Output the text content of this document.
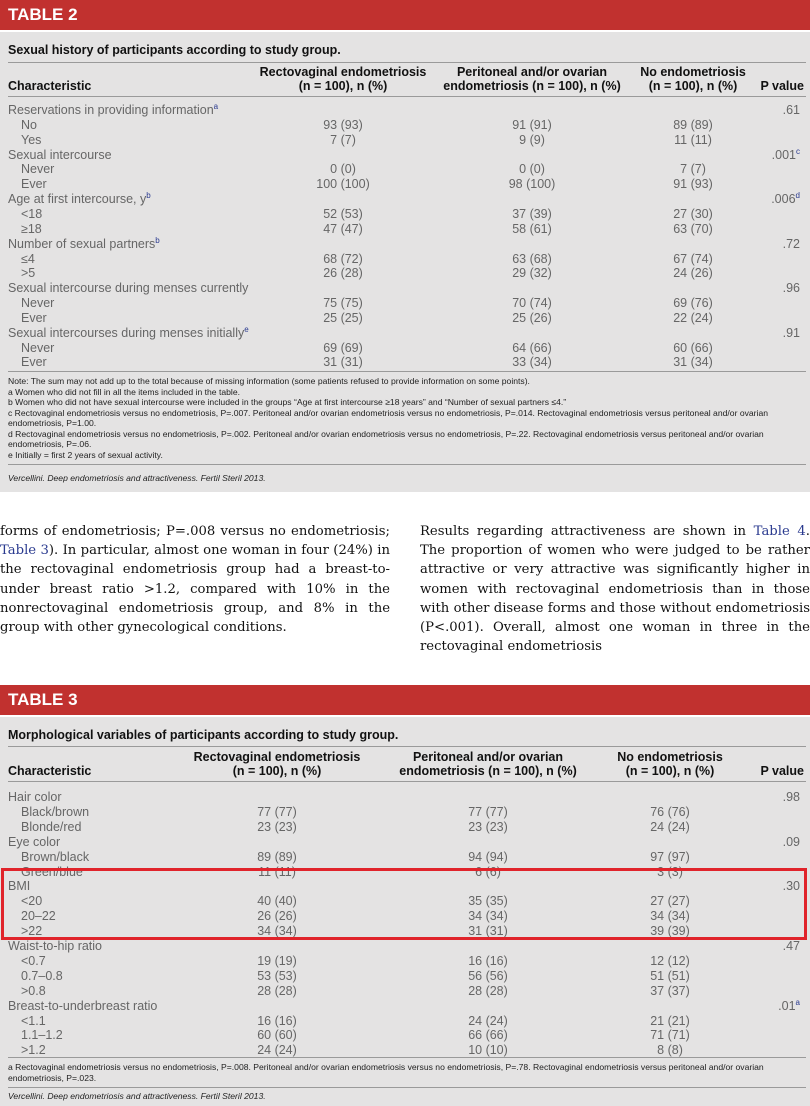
TABLE 2
Sexual history of participants according to study group.
Characteristic
Rectovaginal endometriosis
(n = 100), n (%)
Peritoneal and/or ovarian
endometriosis (n = 100), n (%)
No endometriosis
(n = 100), n (%)	P value
Reservations in providing information$^a$	.61
No	93 (93)	91 (91)	89 (89)
Yes	7 (7)	9 (9)	11 (11)
Sexual intercourse	.001$^c$
Never	0 (0)	0 (0)	7 (7)
Ever	100 (100)	98 (100)	91 (93)
Age at first intercourse, $y^b$	.006$^d$
<18	52 (53)	37 (39)	27 (30)
≥18	47 (47)	58 (61)	63 (70)
Number of sexual partners$^b$	.72
≤4	68 (72)	63 (68)	67 (74)
>5	26 (28)	29 (32)	24 (26)
Sexual intercourse during menses currently	.96
Never	75 (75)	70 (74)	69 (76)
Ever	25 (25)	25 (26)	22 (24)
Sexual intercourses during menses initially$^e$	.91
Never	69 (69)	64 (66)	60 (66)
Ever	31 (31)	33 (34)	31 (34)

Note: The sum may not add up to the total because of missing information (some patients refused to provide information on some points).

a Women who did not fill in all the items included in the table.

b Women who did not have sexual intercourse were included in the groups “Age at first intercourse ≥18 years” and “Number of sexual partners ≤4.”

c Rectovaginal endometriosis versus no endometriosis, P=.007. Peritoneal and/or ovarian endometriosis versus no endometriosis, P=.014. Rectovaginal endometriosis versus peritoneal and/or ovarian endometriosis, P=1.00.

d Rectovaginal endometriosis versus no endometriosis, P=.002. Peritoneal and/or ovarian endometriosis versus no endometriosis, P=.22. Rectovaginal endometriosis versus peritoneal and/or ovarian endometriosis, P=.06.

e Initially = first 2 years of sexual activity.

Vercellini. Deep endometriosis and attractiveness. Fertil Steril 2013.
forms of endometriosis; P=.008 versus no endometriosis; Table 3). In particular, almost one woman in four (24%) in the rectovaginal endometriosis group had a breast-to-under breast ratio >1.2, compared with 10% in the nonrectovaginal endometriosis group, and 8% in the group with other gynecological conditions.
Results regarding attractiveness are shown in Table 4. The proportion of women who were judged to be rather attractive or very attractive was significantly higher in women with rectovaginal endometriosis than in those with other disease forms and those without endometriosis (P<.001). Overall, almost one woman in three in the rectovaginal endometriosis
TABLE 3
Morphological variables of participants according to study group.
Characteristic
Rectovaginal endometriosis
(n = 100), n (%)
Peritoneal and/or ovarian
endometriosis (n = 100), n (%)
No endometriosis
(n = 100), n (%)	P value
Hair color	.98
Black/brown	77 (77)	77 (77)	76 (76)
Blonde/red	23 (23)	23 (23)	24 (24)
Eye color	.09
Brown/black	89 (89)	94 (94)	97 (97)
Green/blue	11 (11)	6 (6)	3 (3)
BMI	.30
<20	40 (40)	35 (35)	27 (27)
20–22	26 (26)	34 (34)	34 (34)
>22	34 (34)	31 (31)	39 (39)
Waist-to-hip ratio	.47
<0.7	19 (19)	16 (16)	12 (12)
0.7–0.8	53 (53)	56 (56)	51 (51)
>0.8	28 (28)	28 (28)	37 (37)
Breast-to-underbreast ratio	.01$^a$
<1.1	16 (16)	24 (24)	21 (21)
1.1–1.2	60 (60)	66 (66)	71 (71)
>1.2	24 (24)	10 (10)	8 (8)

a Rectovaginal endometriosis versus no endometriosis, P=.008. Peritoneal and/or ovarian endometriosis versus no endometriosis, P=.78. Rectovaginal endometriosis versus peritoneal and/or ovarian endometriosis, P=.023.

Vercellini. Deep endometriosis and attractiveness. Fertil Steril 2013.
